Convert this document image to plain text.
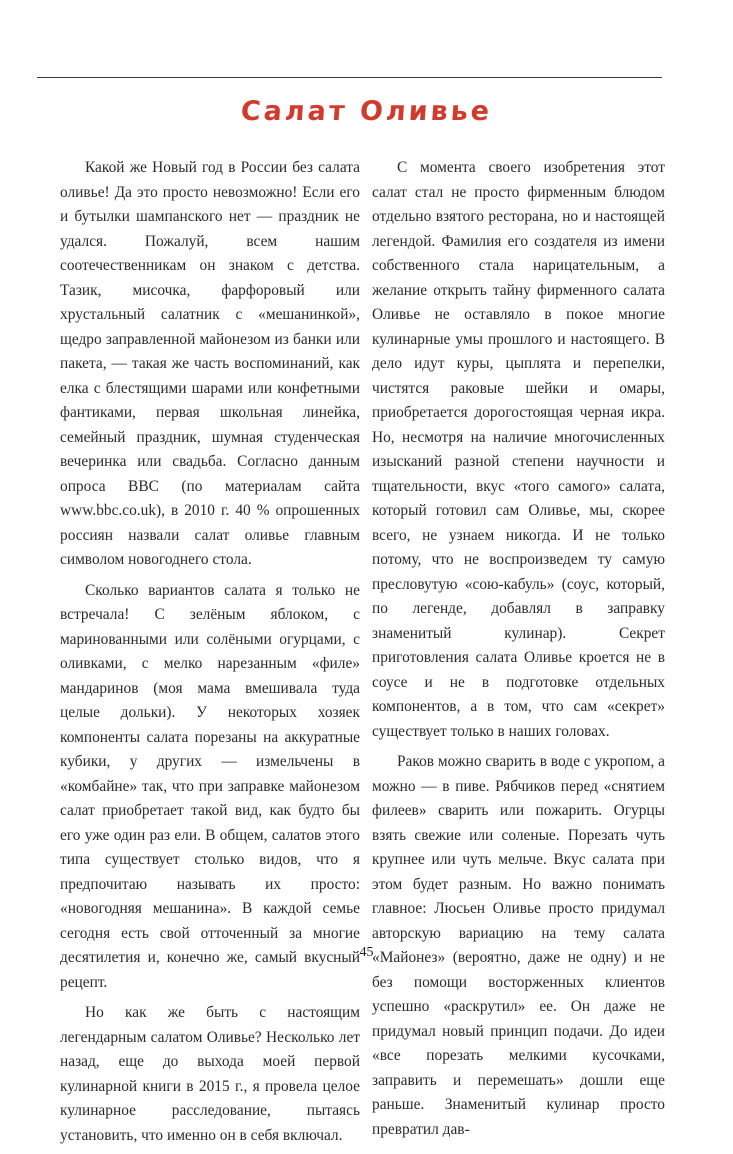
Салат Оливье

Какой же Новый год в России без салата оливье! Да это просто невозможно! Если его и бутылки шампанского нет — праздник не удался. Пожалуй, всем нашим соотечественникам он знаком с детства. Тазик, мисочка, фарфоровый или хрустальный салатник с «мешанинкой», щедро заправленной майонезом из банки или пакета, — такая же часть воспоминаний, как елка с блестящими шарами или конфетными фантиками, первая школьная линейка, семейный праздник, шумная студенческая вечеринка или свадьба. Согласно данным опроса BBC (по материалам сайта www.bbc.co.uk), в 2010 г. 40 % опрошенных россиян назвали салат оливье главным символом новогоднего стола.

Сколько вариантов салата я только не встречала! С зелёным яблоком, с маринованными или солёными огурцами, с оливками, с мелко нарезанным «филе» мандаринов (моя мама вмешивала туда целые дольки). У некоторых хозяек компоненты салата порезаны на аккуратные кубики, у других — измельчены в «комбайне» так, что при заправке майонезом салат приобретает такой вид, как будто бы его уже один раз ели. В общем, салатов этого типа существует столько видов, что я предпочитаю называть их просто: «новогодняя мешанина». В каждой семье сегодня есть свой отточенный за многие десятилетия и, конечно же, самый вкусный рецепт.

Но как же быть с настоящим легендарным салатом Оливье? Несколько лет назад, еще до выхода моей первой кулинарной книги в 2015 г., я провела целое кулинарное расследование, пытаясь установить, что именно он в себя включал.

С момента своего изобретения этот салат стал не просто фирменным блюдом отдельно взятого ресторана, но и настоящей легендой. Фамилия его создателя из имени собственного стала нарицательным, а желание открыть тайну фирменного салата Оливье не оставляло в покое многие кулинарные умы прошлого и настоящего. В дело идут куры, цыплята и перепелки, чистятся раковые шейки и омары, приобретается дорогостоящая черная икра. Но, несмотря на наличие многочисленных изысканий разной степени научности и тщательности, вкус «того самого» салата, который готовил сам Оливье, мы, скорее всего, не узнаем никогда. И не только потому, что не воспроизведем ту самую пресловутую «сою-кабуль» (соус, который, по легенде, добавлял в заправку знаменитый кулинар). Секрет приготовления салата Оливье кроется не в соусе и не в подготовке отдельных компонентов, а в том, что сам «секрет» существует только в наших головах.

Раков можно сварить в воде с укропом, а можно — в пиве. Рябчиков перед «снятием филеев» сварить или пожарить. Огурцы взять свежие или соленые. Порезать чуть крупнее или чуть мельче. Вкус салата при этом будет разным. Но важно понимать главное: Люсьен Оливье просто придумал авторскую вариацию на тему салата «Майонез» (вероятно, даже не одну) и не без помощи восторженных клиентов успешно «раскрутил» ее. Он даже не придумал новый принцип подачи. До идеи «все порезать мелкими кусочками, заправить и перемешать» дошли еще раньше. Знаменитый кулинар просто превратил дав-

45
